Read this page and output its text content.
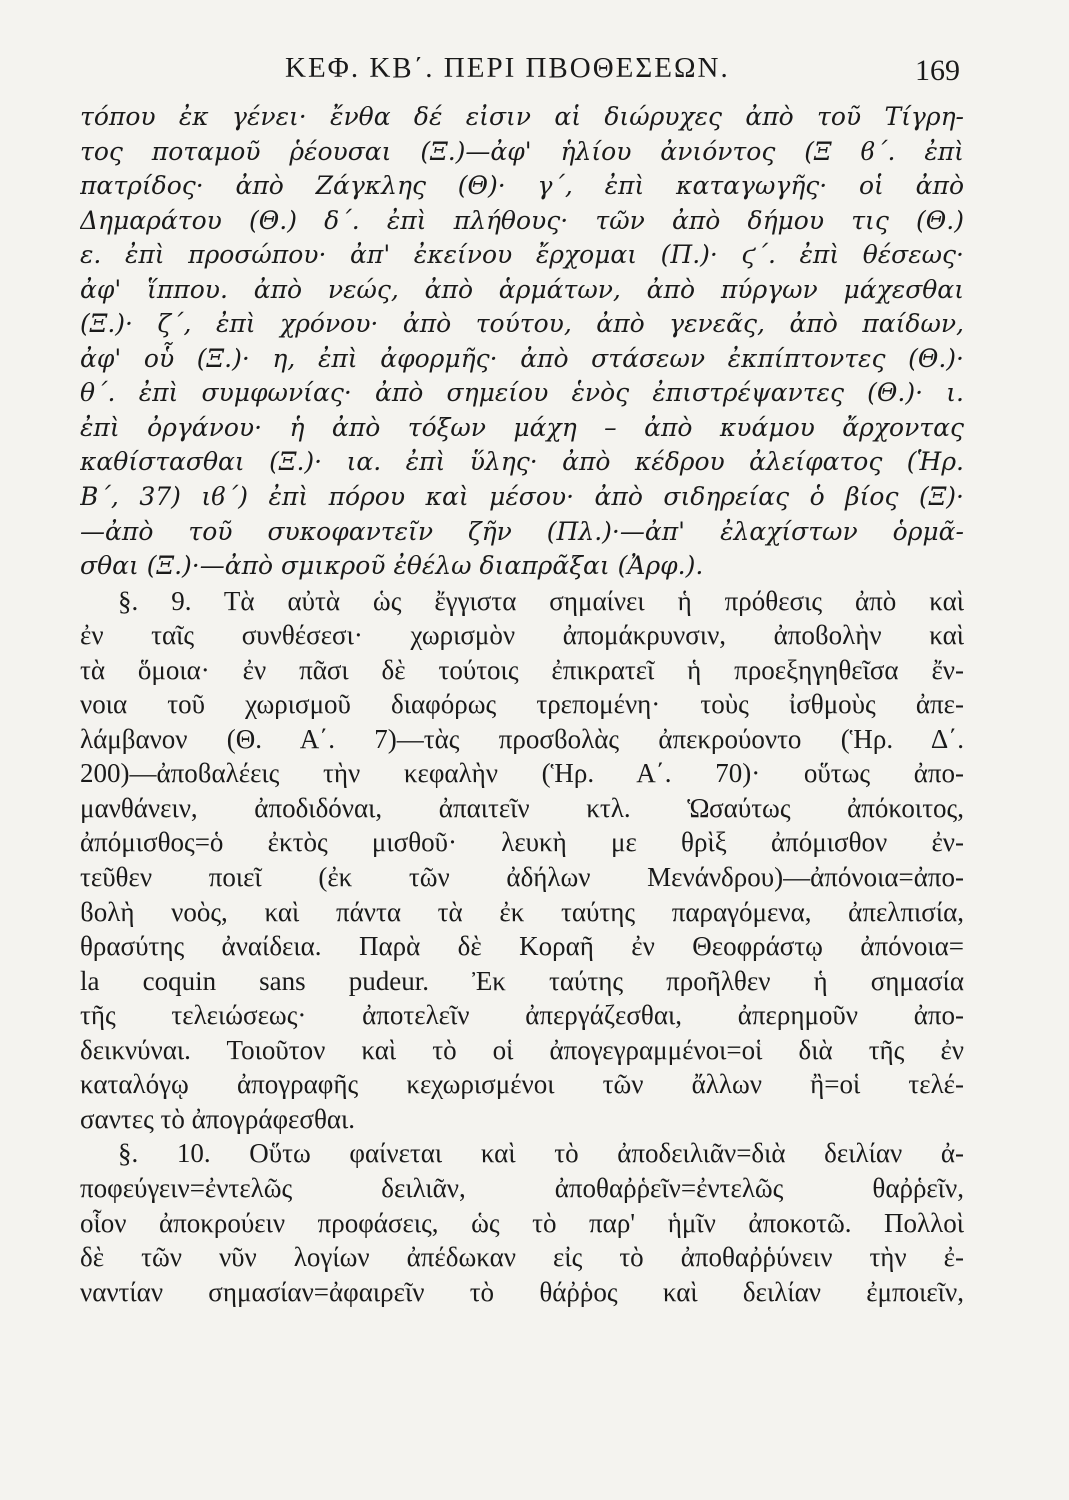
ΚΕΦ. ΚΒ΄. ΠΕΡΙ ΠΒΟΘΕΣΕΩΝ.	169
τόπου ἐκ γένει· ἔνθα δέ εἰσιν αἱ διώρυχες ἀπὸ τοῦ Τίγρη-
τος ποταμοῦ ῥέουσαι (Ξ.)—ἀφ' ἡλίου ἀνιόντος (Ξ ϐ΄. ἐπὶ
πατρίδος· ἀπὸ Ζάγκλης (Θ)· γ΄, ἐπὶ καταγωγῆς· οἱ ἀπὸ
Δημαράτου (Θ.) δ΄. ἐπὶ πλήθους· τῶν ἀπὸ δήμου τις (Θ.)
ε. ἐπὶ προσώπου· ἀπ' ἐκείνου ἔρχομαι (Π.)· ϛ΄. ἐπὶ θέσεως·
ἀφ' ἵππου. ἀπὸ νεώς, ἀπὸ ἁρμάτων, ἀπὸ πύργων μάχεσθαι
(Ξ.)· ζ΄, ἐπὶ χρόνου· ἀπὸ τούτου, ἀπὸ γενεᾶς, ἀπὸ παίδων,
ἀφ' οὗ (Ξ.)· η, ἐπὶ ἀφορμῆς· ἀπὸ στάσεων ἐκπίπτοντες (Θ.)·
θ΄. ἐπὶ συμφωνίας· ἀπὸ σημείου ἑνὸς ἐπιστρέψαντες (Θ.)· ι.
ἐπὶ ὀργάνου· ἡ ἀπὸ τόξων μάχη – ἀπὸ κυάμου ἄρχοντας
καθίστασθαι (Ξ.)· ια. ἐπὶ ὕλης· ἀπὸ κέδρου ἀλείφατος (Ἡρ.
Β΄, 37) ιϐ΄) ἐπὶ πόρου καὶ μέσου· ἀπὸ σιδηρείας ὁ βίος (Ξ)·
—ἀπὸ τοῦ συκοφαντεῖν ζῆν (Πλ.)·—ἀπ' ἐλαχίστων ὁρμᾶ-
σθαι (Ξ.)·—ἀπὸ σμικροῦ ἐθέλω διαπρᾶξαι (Ἀρφ.).
§. 9. Τὰ αὐτὰ ὡς ἔγγιστα σημαίνει ἡ πρόθεσις ἀπὸ καὶ
ἐν ταῖς συνθέσεσι· χωρισμὸν ἀπομάκρυνσιν, ἀποϐολὴν καὶ
τὰ ὅμοια· ἐν πᾶσι δὲ τούτοις ἐπικρατεῖ ἡ προεξηγηθεῖσα ἔν-
νοια τοῦ χωρισμοῦ διαφόρως τρεπομένη· τοὺς ἰσθμοὺς ἀπε-
λάμβανον (Θ. Α΄. 7)—τὰς προσϐολὰς ἀπεκρούοντο (Ἡρ. Δ΄.
200)—ἀποϐαλέεις τὴν κεφαλὴν (Ἡρ. Α΄. 70)· οὕτως ἀπο-
μανθάνειν, ἀποδιδόναι, ἀπαιτεῖν κτλ. Ὡσαύτως ἀπόκοιτος,
ἀπόμισθος=ὁ ἐκτὸς μισθοῦ· λευκὴ με θρὶξ ἀπόμισθον ἐν-
τεῦθεν ποιεῖ (ἐκ τῶν ἀδήλων Μενάνδρου)—ἀπόνοια=ἀπο-
ϐολὴ νοὸς, καὶ πάντα τὰ ἐκ ταύτης παραγόμενα, ἀπελπισία,
θρασύτης ἀναίδεια. Παρὰ δὲ Κοραῆ ἐν Θεοφράστῳ ἀπόνοια=
la coquin sans pudeur. Ἐκ ταύτης προῆλθεν ἡ σημασία
τῆς τελειώσεως· ἀποτελεῖν ἀπεργάζεσθαι, ἀπερημοῦν ἀπο-
δεικνύναι. Τοιοῦτον καὶ τὸ οἱ ἀπογεγραμμένοι=οἱ διὰ τῆς ἐν
καταλόγῳ ἀπογραφῆς κεχωρισμένοι τῶν ἄλλων ἢ=οἱ τελέ-
σαντες τὸ ἀπογράφεσθαι.
§. 10. Οὕτω φαίνεται καὶ τὸ ἀποδειλιᾶν=διὰ δειλίαν ἀ-
ποφεύγειν=ἐντελῶς δειλιᾶν, ἀποθαῤῥεῖν=ἐντελῶς θαῤῥεῖν,
οἷον ἀποκρούειν προφάσεις, ὡς τὸ παρ' ἡμῖν ἀποκοτῶ. Πολλοὶ
δὲ τῶν νῦν λογίων ἀπέδωκαν εἰς τὸ ἀποθαῤῥύνειν τὴν ἐ-
ναντίαν σημασίαν=ἀφαιρεῖν τὸ θάῤῥος καὶ δειλίαν ἐμποιεῖν,
